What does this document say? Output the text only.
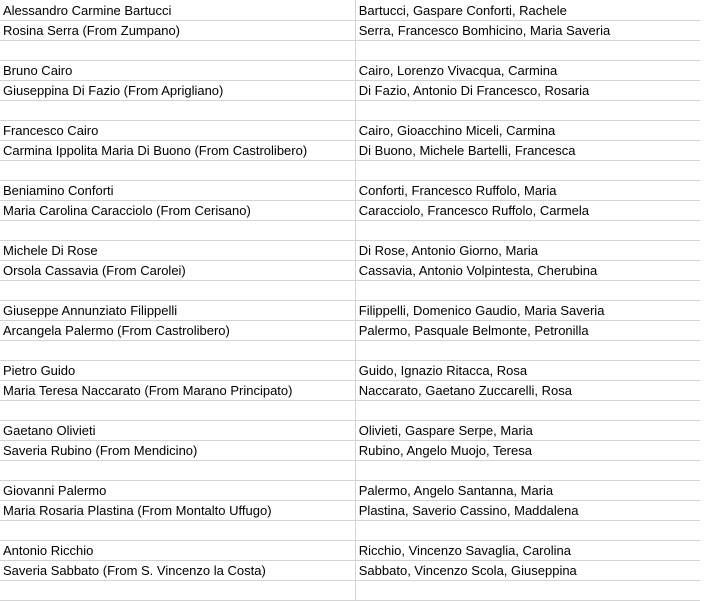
Alessandro Carmine Bartucci	Bartucci, Gaspare Conforti, Rachele
Rosina Serra (From Zumpano)	Serra, Francesco Bomhicino, Maria Saveria

Bruno Cairo	Cairo, Lorenzo Vivacqua, Carmina
Giuseppina Di Fazio (From Aprigliano)	Di Fazio, Antonio Di Francesco, Rosaria

Francesco Cairo	Cairo, Gioacchino Miceli, Carmina
Carmina Ippolita Maria Di Buono (From Castrolibero)	Di Buono, Michele Bartelli, Francesca

Beniamino Conforti	Conforti, Francesco Ruffolo, Maria
Maria Carolina Caracciolo (From Cerisano)	Caracciolo, Francesco Ruffolo, Carmela

Michele Di Rose	Di Rose, Antonio Giorno, Maria
Orsola Cassavia (From Carolei)	Cassavia, Antonio Volpintesta, Cherubina

Giuseppe Annunziato Filippelli	Filippelli, Domenico Gaudio, Maria Saveria
Arcangela Palermo (From Castrolibero)	Palermo, Pasquale Belmonte, Petronilla

Pietro Guido	Guido, Ignazio Ritacca, Rosa
Maria Teresa Naccarato (From Marano Principato)	Naccarato, Gaetano Zuccarelli, Rosa

Gaetano Olivieti	Olivieti, Gaspare Serpe, Maria
Saveria Rubino (From Mendicino)	Rubino, Angelo Muojo, Teresa

Giovanni Palermo	Palermo, Angelo Santanna, Maria
Maria Rosaria Plastina (From Montalto Uffugo)	Plastina, Saverio Cassino, Maddalena

Antonio Ricchio	Ricchio, Vincenzo Savaglia, Carolina
Saveria Sabbato (From S. Vincenzo la Costa)	Sabbato, Vincenzo Scola, Giuseppina
